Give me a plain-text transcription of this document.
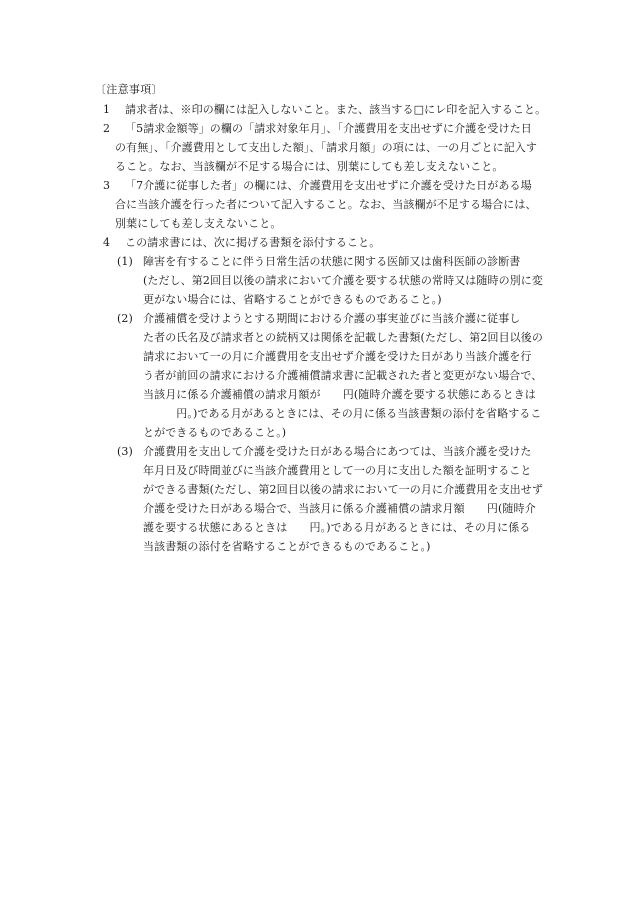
〔注意事項〕
1 請求者は、※印の欄には記入しないこと。また、該当する□にレ印を記入すること。
2 「5請求金額等」の欄の「請求対象年月」、「介護費用を支出せずに介護を受けた日
の有無」、「介護費用として支出した額」、「請求月額」の項には、一の月ごとに記入す
ること。なお、当該欄が不足する場合には、別葉にしても差し支えないこと。
3 「7介護に従事した者」の欄には、介護費用を支出せずに介護を受けた日がある場
合に当該介護を行った者について記入すること。なお、当該欄が不足する場合には、
別葉にしても差し支えないこと。
4 この請求書には、次に掲げる書類を添付すること。
(1) 障害を有することに伴う日常生活の状態に関する医師又は歯科医師の診断書
(ただし、第2回目以後の請求において介護を要する状態の常時又は随時の別に変
更がない場合には、省略することができるものであること。)
(2) 介護補償を受けようとする期間における介護の事実並びに当該介護に従事し
た者の氏名及び請求者との続柄又は関係を記載した書類(ただし、第2回目以後の
請求において一の月に介護費用を支出せず介護を受けた日があり当該介護を行
う者が前回の請求における介護補償請求書に記載された者と変更がない場合で、
当該月に係る介護補償の請求月額が　　円(随時介護を要する状態にあるときは
　　　円。)である月があるときには、その月に係る当該書類の添付を省略するこ
とができるものであること。)
(3) 介護費用を支出して介護を受けた日がある場合にあつては、当該介護を受けた
年月日及び時間並びに当該介護費用として一の月に支出した額を証明すること
ができる書類(ただし、第2回目以後の請求において一の月に介護費用を支出せず
介護を受けた日がある場合で、当該月に係る介護補償の請求月額　　円(随時介
護を要する状態にあるときは　　円。)である月があるときには、その月に係る
当該書類の添付を省略することができるものであること。)
